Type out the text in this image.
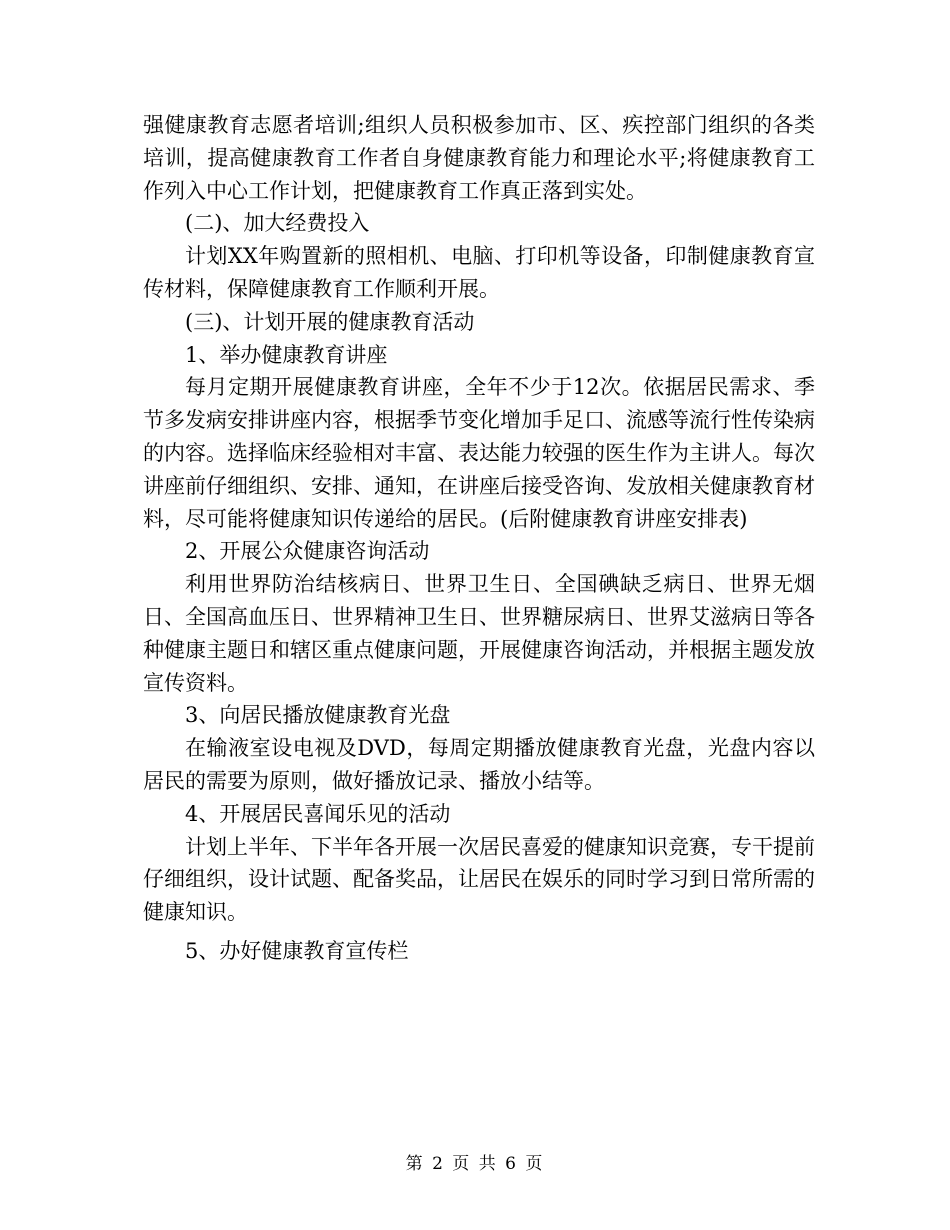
强健康教育志愿者培训;组织人员积极参加市、区、疾控部门组织的各类培训，提高健康教育工作者自身健康教育能力和理论水平;将健康教育工作列入中心工作计划，把健康教育工作真正落到实处。

(二)、加大经费投入

计划XX年购置新的照相机、电脑、打印机等设备，印制健康教育宣传材料，保障健康教育工作顺利开展。

(三)、计划开展的健康教育活动

1、举办健康教育讲座

每月定期开展健康教育讲座，全年不少于12次。依据居民需求、季节多发病安排讲座内容，根据季节变化增加手足口、流感等流行性传染病的内容。选择临床经验相对丰富、表达能力较强的医生作为主讲人。每次讲座前仔细组织、安排、通知，在讲座后接受咨询、发放相关健康教育材料，尽可能将健康知识传递给的居民。(后附健康教育讲座安排表)

2、开展公众健康咨询活动

利用世界防治结核病日、世界卫生日、全国碘缺乏病日、世界无烟日、全国高血压日、世界精神卫生日、世界糖尿病日、世界艾滋病日等各种健康主题日和辖区重点健康问题，开展健康咨询活动，并根据主题发放宣传资料。

3、向居民播放健康教育光盘

在输液室设电视及DVD，每周定期播放健康教育光盘，光盘内容以居民的需要为原则，做好播放记录、播放小结等。

4、开展居民喜闻乐见的活动

计划上半年、下半年各开展一次居民喜爱的健康知识竞赛，专干提前仔细组织，设计试题、配备奖品，让居民在娱乐的同时学习到日常所需的健康知识。

5、办好健康教育宣传栏

第 2 页 共 6 页
